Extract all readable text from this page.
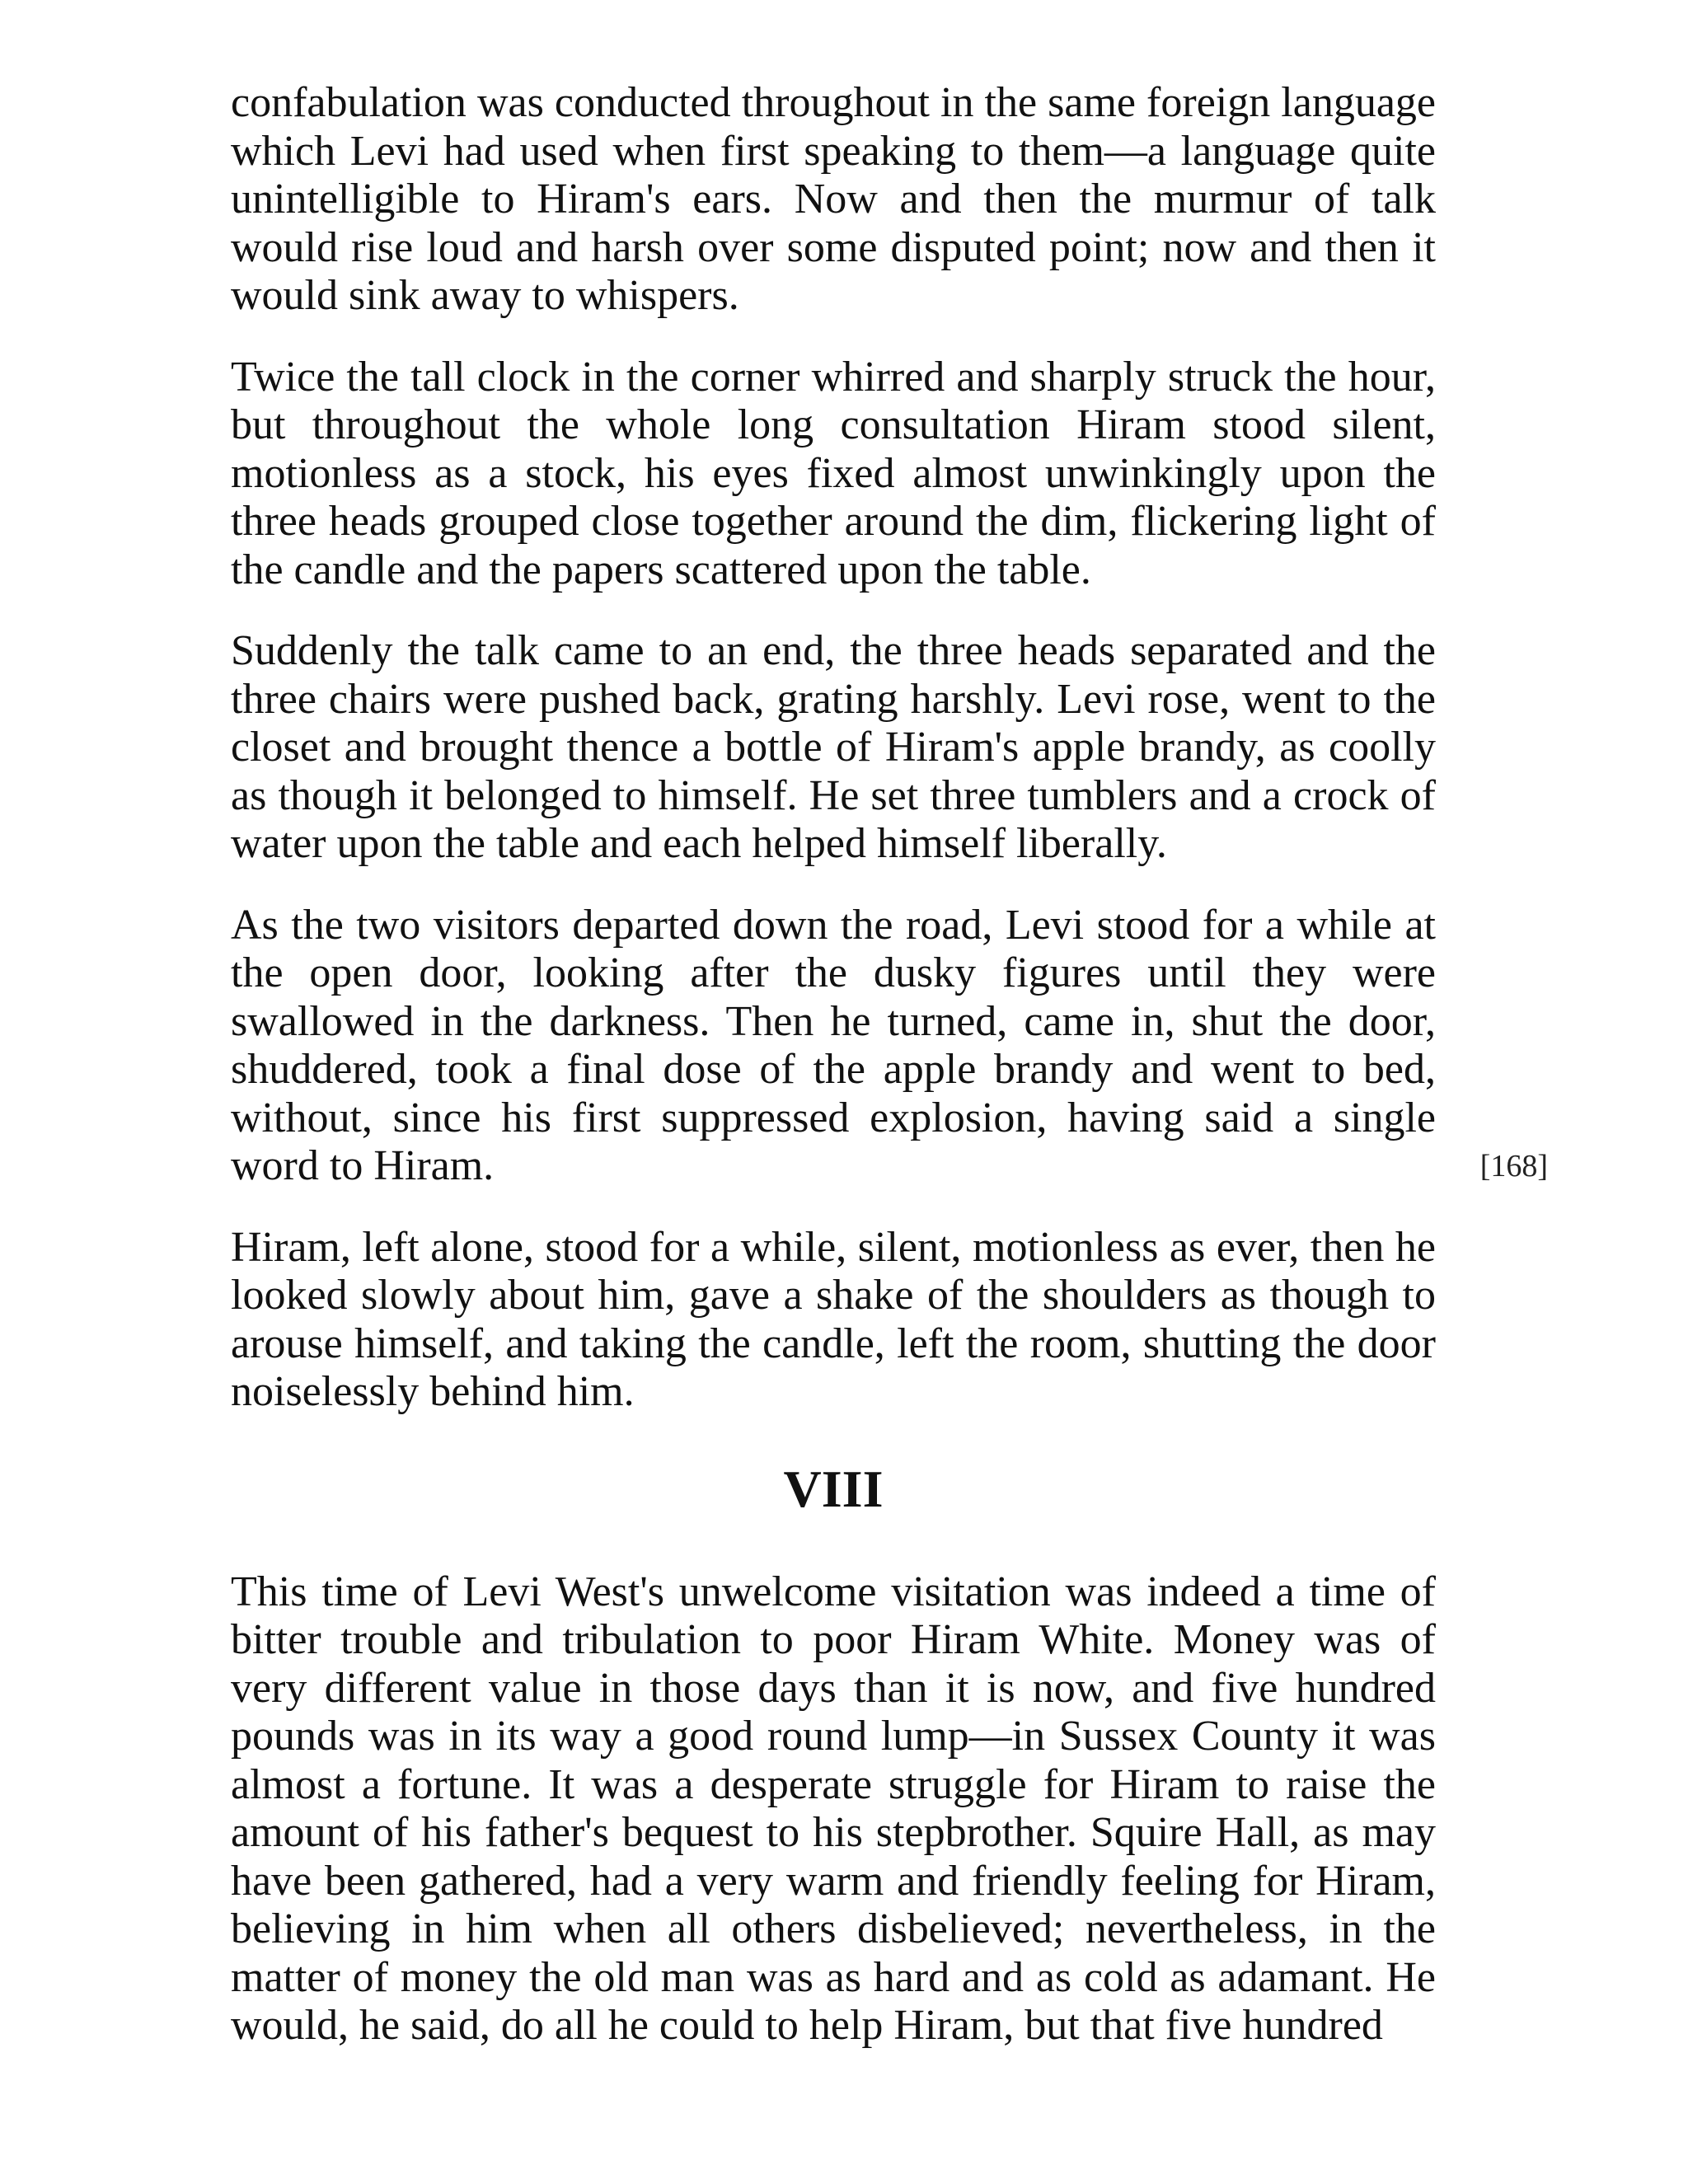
confabulation was conducted throughout in the same foreign language which Levi had used when first speaking to them—a language quite unintelligible to Hiram's ears. Now and then the murmur of talk would rise loud and harsh over some disputed point; now and then it would sink away to whispers.

Twice the tall clock in the corner whirred and sharply struck the hour, but throughout the whole long consultation Hiram stood silent, motionless as a stock, his eyes fixed almost unwinkingly upon the three heads grouped close together around the dim, flickering light of the candle and the papers scattered upon the table.

Suddenly the talk came to an end, the three heads separated and the three chairs were pushed back, grating harshly. Levi rose, went to the closet and brought thence a bottle of Hiram's apple brandy, as coolly as though it belonged to himself. He set three tumblers and a crock of water upon the table and each helped himself liberally.

As the two visitors departed down the road, Levi stood for a while at the open door, looking after the dusky figures until they were swallowed in the darkness. Then he turned, came in, shut the door, shuddered, took a final dose of the apple brandy and went to bed, without, since his first suppressed explosion, having said a single word to Hiram.	[168]

Hiram, left alone, stood for a while, silent, motionless as ever, then he looked slowly about him, gave a shake of the shoulders as though to arouse himself, and taking the candle, left the room, shutting the door noiselessly behind him.

VIII

This time of Levi West's unwelcome visitation was indeed a time of bitter trouble and tribulation to poor Hiram White. Money was of very different value in those days than it is now, and five hundred pounds was in its way a good round lump—in Sussex County it was almost a fortune. It was a desperate struggle for Hiram to raise the amount of his father's bequest to his stepbrother. Squire Hall, as may have been gathered, had a very warm and friendly feeling for Hiram, believing in him when all others disbelieved; nevertheless, in the matter of money the old man was as hard and as cold as adamant. He would, he said, do all he could to help Hiram, but that five hundred
